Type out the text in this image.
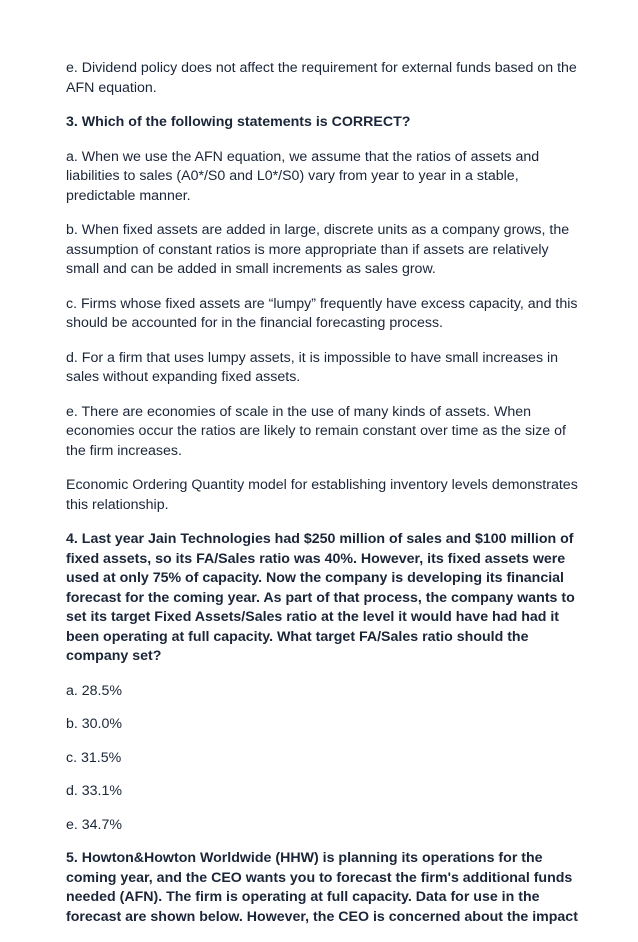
e. Dividend policy does not affect the requirement for external funds based on the
AFN equation.

3. Which of the following statements is CORRECT?

a. When we use the AFN equation, we assume that the ratios of assets and
liabilities to sales (A0*/S0 and L0*/S0) vary from year to year in a stable,
predictable manner.

b. When fixed assets are added in large, discrete units as a company grows, the
assumption of constant ratios is more appropriate than if assets are relatively
small and can be added in small increments as sales grow.

c. Firms whose fixed assets are “lumpy” frequently have excess capacity, and this
should be accounted for in the financial forecasting process.

d. For a firm that uses lumpy assets, it is impossible to have small increases in
sales without expanding fixed assets.

e. There are economies of scale in the use of many kinds of assets. When
economies occur the ratios are likely to remain constant over time as the size of
the firm increases.

Economic Ordering Quantity model for establishing inventory levels demonstrates
this relationship.

4. Last year Jain Technologies had $250 million of sales and $100 million of
fixed assets, so its FA/Sales ratio was 40%. However, its fixed assets were
used at only 75% of capacity. Now the company is developing its financial
forecast for the coming year. As part of that process, the company wants to
set its target Fixed Assets/Sales ratio at the level it would have had had it
been operating at full capacity. What target FA/Sales ratio should the
company set?

a. 28.5%

b. 30.0%

c. 31.5%

d. 33.1%

e. 34.7%

5. Howton&Howton Worldwide (HHW) is planning its operations for the
coming year, and the CEO wants you to forecast the firm's additional funds
needed (AFN). The firm is operating at full capacity. Data for use in the
forecast are shown below. However, the CEO is concerned about the impact
